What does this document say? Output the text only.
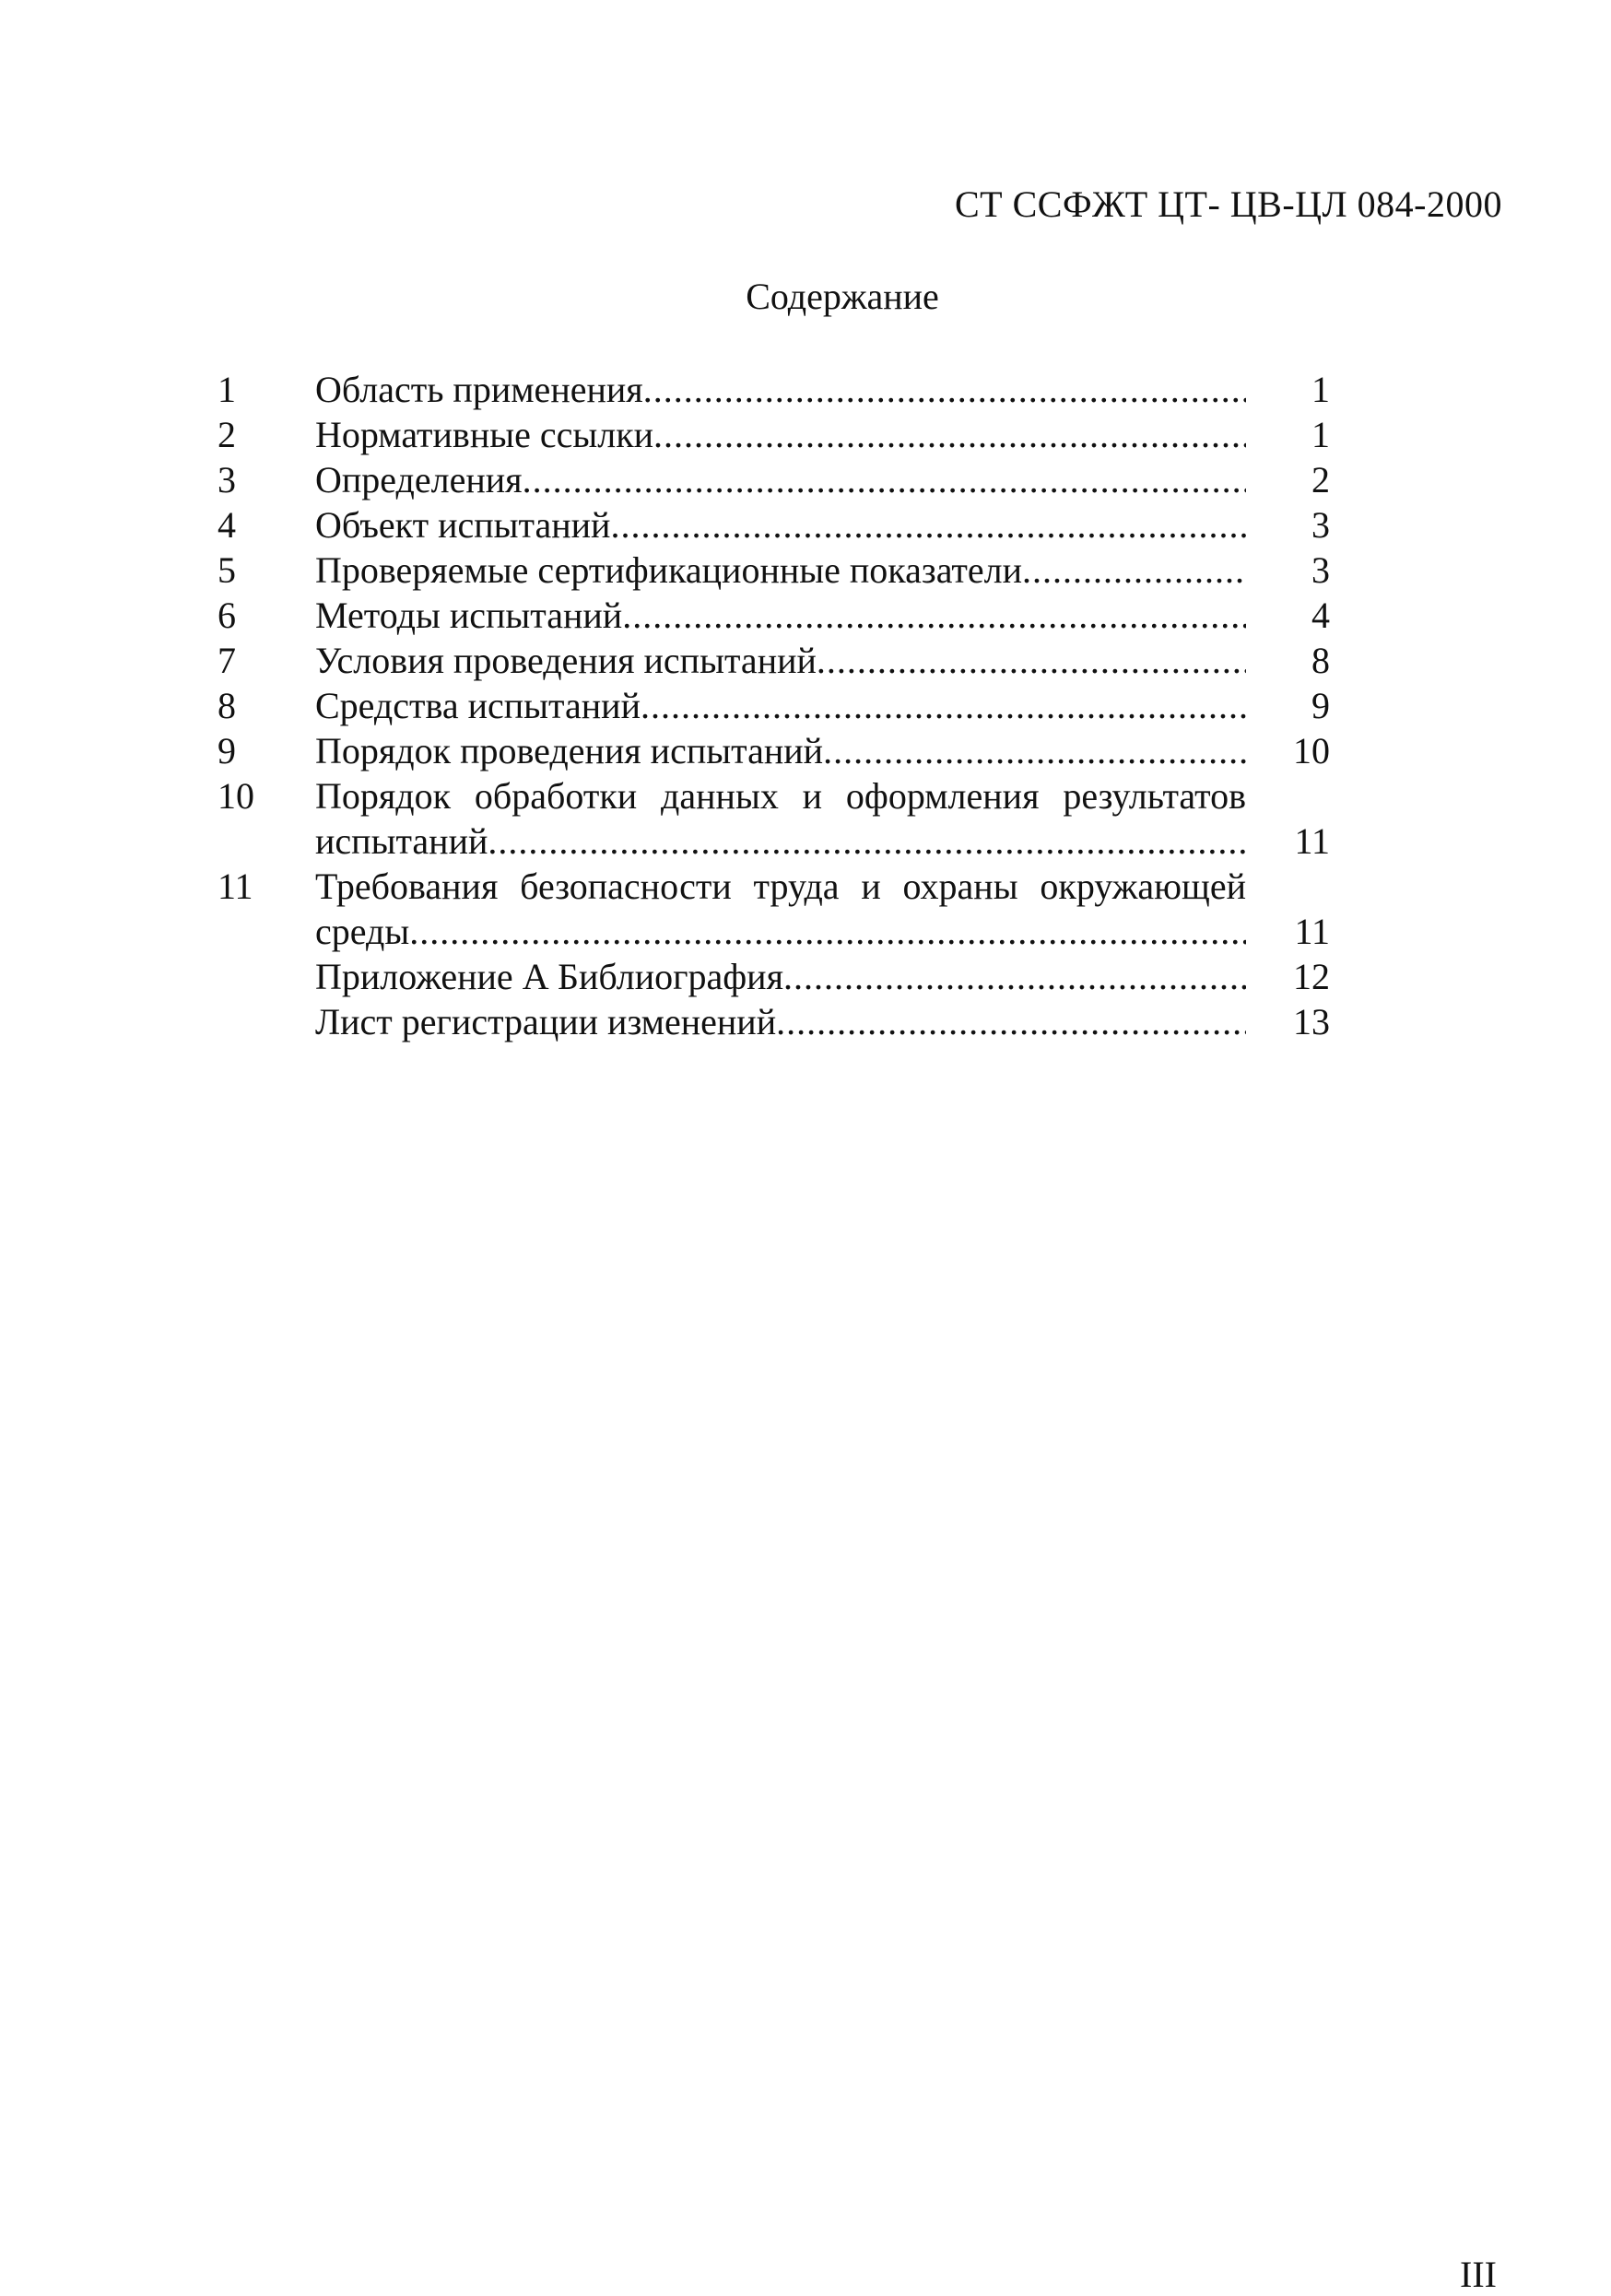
СТ ССФЖТ ЦТ- ЦВ-ЦЛ 084-2000
Содержание
1	Область применения .....	1
2	Нормативные ссылки .....	1
3	Определения .....	2
4	Объект испытаний .....	3
5	Проверяемые сертификационные показатели .....	3
6	Методы испытаний .....	4
7	Условия проведения испытаний .....	8
8	Средства испытаний .....	9
9	Порядок проведения испытаний .....	10
10	Порядок обработки данных и оформления результатов
испытаний .....	11
11	Требования безопасности труда и охраны окружающей
среды .....	11
Приложение А Библиография .....	12
Лист регистрации изменений .....	13
III
